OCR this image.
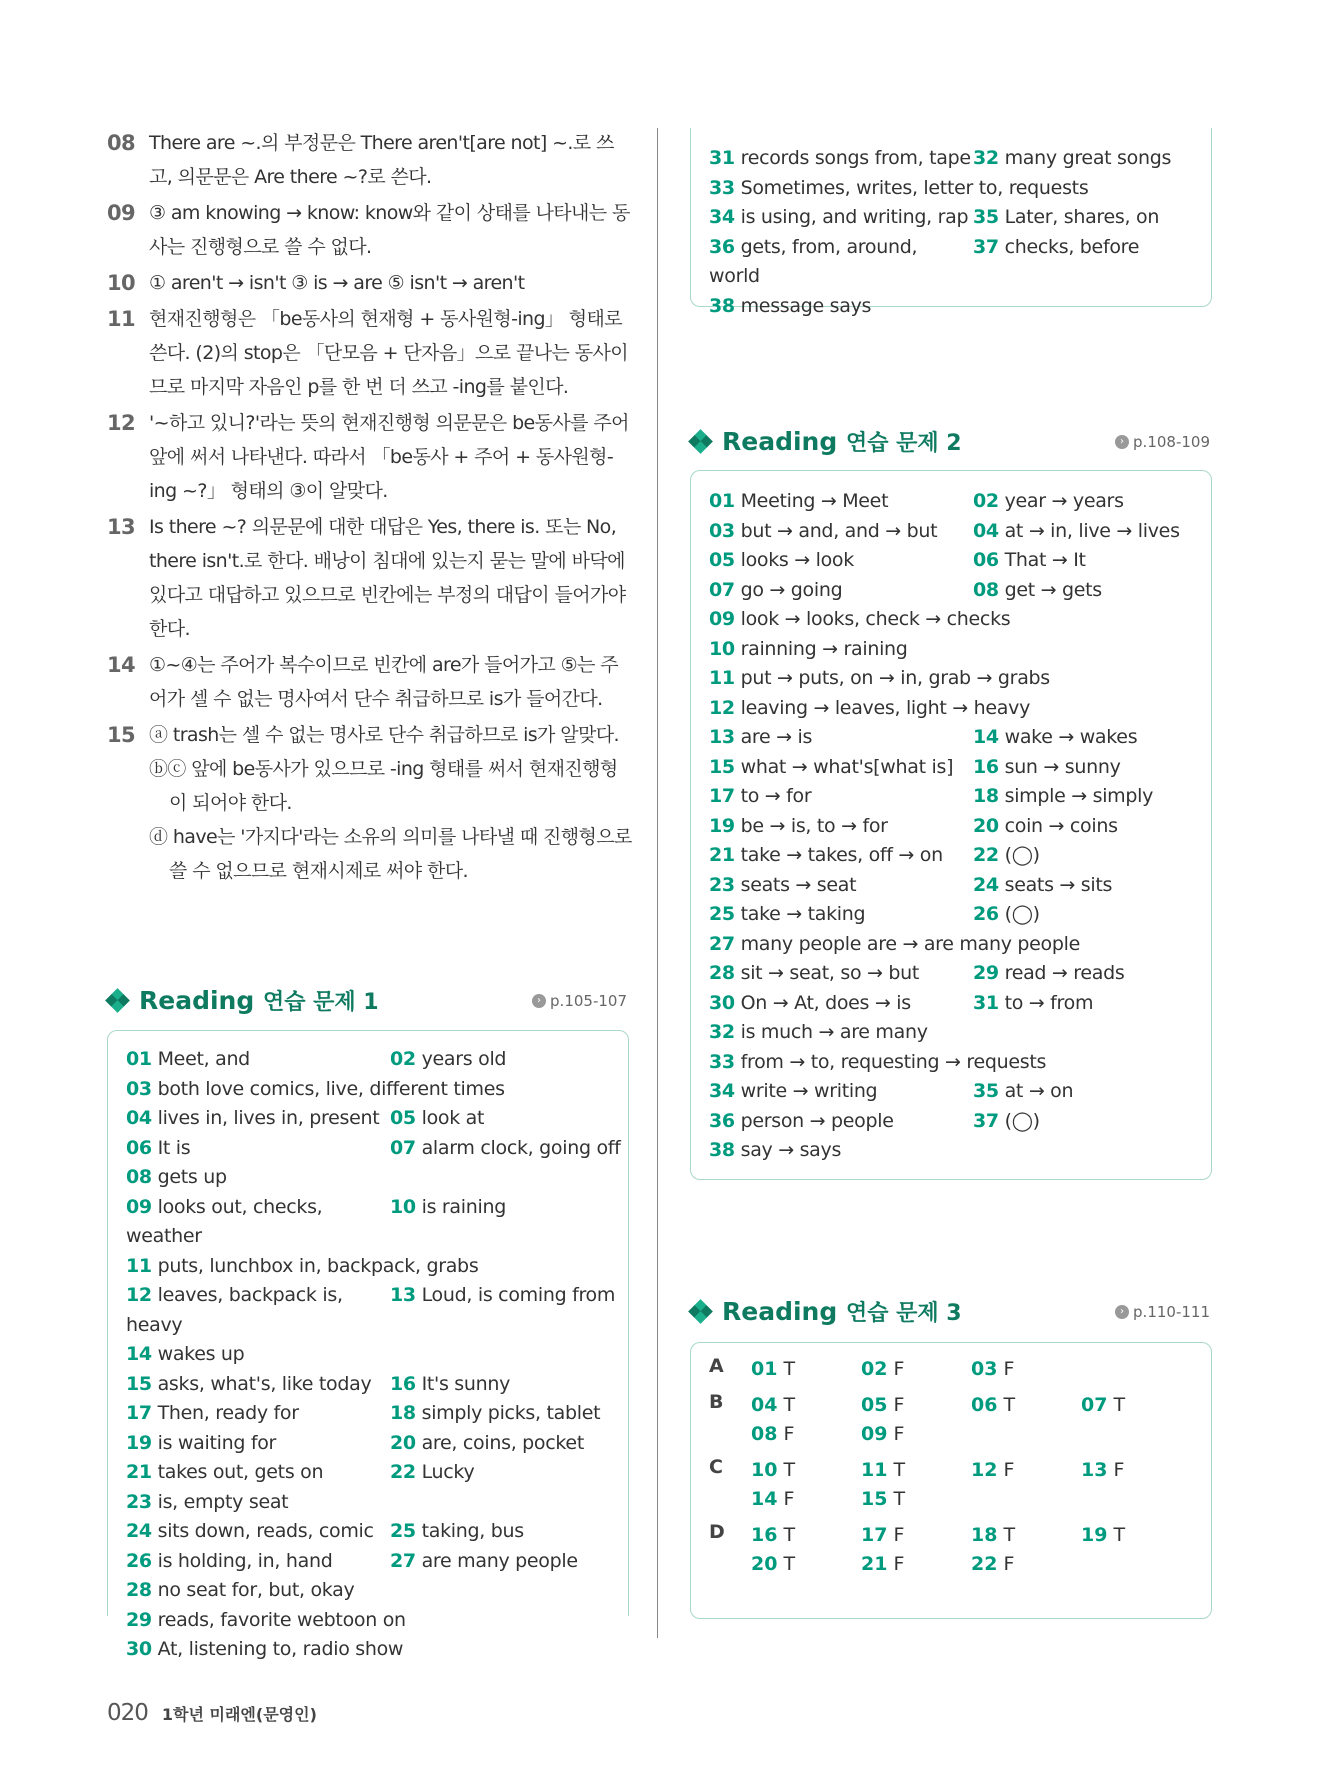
08 There are ~.의 부정문은 There aren't[are not] ~.로 쓰고, 의문문은 Are there ~?로 쓴다.
09 ③ am knowing → know: know와 같이 상태를 나타내는 동사는 진행형으로 쓸 수 없다.
10 ① aren't → isn't ③ is → are ⑤ isn't → aren't
11 현재진행형은 「be동사의 현재형 + 동사원형-ing」 형태로 쓴다. (2)의 stop은 「단모음 + 단자음」으로 끝나는 동사이므로 마지막 자음인 p를 한 번 더 쓰고 -ing를 붙인다.
12 '~하고 있니?'라는 뜻의 현재진행형 의문문은 be동사를 주어 앞에 써서 나타낸다. 따라서 「be동사 + 주어 + 동사원형-ing ~?」 형태의 ③이 알맞다.
13 Is there ~? 의문문에 대한 대답은 Yes, there is. 또는 No, there isn't.로 한다. 배낭이 침대에 있는지 묻는 말에 바닥에 있다고 대답하고 있으므로 빈칸에는 부정의 대답이 들어가야 한다.
14 ①~④는 주어가 복수이므로 빈칸에 are가 들어가고 ⑤는 주어가 셀 수 없는 명사여서 단수 취급하므로 is가 들어간다.
15 ⓐ trash는 셀 수 없는 명사로 단수 취급하므로 is가 알맞다.
ⓑⓒ 앞에 be동사가 있으므로 -ing 형태를 써서 현재진행형이 되어야 한다.
ⓓ have는 '가지다'라는 소유의 의미를 나타낼 때 진행형으로 쓸 수 없으므로 현재시제로 써야 한다.
Reading 연습 문제 1	› p.105-107
01 Meet, and	02 years old
03 both love comics, live, different times
04 lives in, lives in, present 05 look at
06 It is	07 alarm clock, going off
08 gets up
09 looks out, checks, weather
10 is raining
11 puts, lunchbox in, backpack, grabs
12 leaves, backpack is, heavy
13 Loud, is coming from
14 wakes up
15 asks, what's, like today 16 It's sunny
17 Then, ready for	18 simply picks, tablet
19 is waiting for	20 are, coins, pocket
21 takes out, gets on	22 Lucky
23 is, empty seat
24 sits down, reads, comic 25 taking, bus
26 is holding, in, hand	27 are many people
28 no seat for, but, okay
29 reads, favorite webtoon on
30 At, listening to, radio show
31 records songs from, tape 32 many great songs
33 Sometimes, writes, letter to, requests
34 is using, and writing, rap 35 Later, shares, on
36 gets, from, around, world
37 checks, before
38 message says
Reading 연습 문제 2	› p.108-109
01 Meeting → Meet	02 year → years
03 but → and, and → but	04 at → in, live → lives
05 looks → look	06 That → It
07 go → going	08 get → gets
09 look → looks, check → checks
10 rainning → raining
11 put → puts, on → in, grab → grabs
12 leaving → leaves, light → heavy
13 are → is	14 wake → wakes
15 what → what's[what is]	16 sun → sunny
17 to → for	18 simple → simply
19 be → is, to → for	20 coin → coins
21 take → takes, off → on	22 (◯)
23 seats → seat	24 seats → sits
25 take → taking	26 (◯)
27 many people are → are many people
28 sit → seat, so → but	29 read → reads
30 On → At, does → is	31 to → from
32 is much → are many
33 from → to, requesting → requests
34 write → writing	35 at → on
36 person → people	37 (◯)
38 say → says
Reading 연습 문제 3	› p.110-111
A	01 T	02 F	03 F
B	04 T	05 F	06 T	07 T
08 F	09 F
C	10 T	11 T	12 F	13 F
14 F	15 T
D	16 T	17 F	18 T	19 T
20 T	21 F	22 F
020 1학년 미래엔(문영인)
